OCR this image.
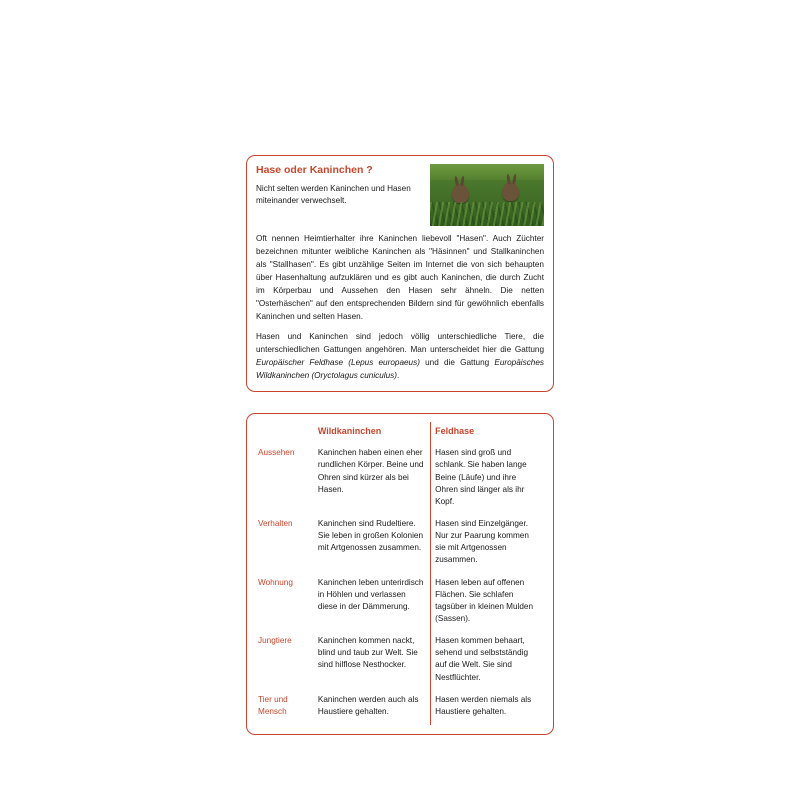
Hase oder Kaninchen ?

Nicht selten werden Kaninchen und Hasen miteinander verwechselt.

Oft nennen Heimtierhalter ihre Kaninchen liebevoll "Hasen". Auch Züchter bezeichnen mitunter weibliche Kaninchen als "Häsinnen" und Stallkaninchen als "Stallhasen". Es gibt unzählige Seiten im Internet die von sich behaupten über Hasenhaltung aufzuklären und es gibt auch Kaninchen, die durch Zucht im Körperbau und Aussehen den Hasen sehr ähneln. Die netten "Osterhäschen" auf den entsprechenden Bildern sind für gewöhnlich ebenfalls Kaninchen und selten Hasen.

Hasen und Kaninchen sind jedoch völlig unterschiedliche Tiere, die unterschiedlichen Gattungen angehören. Man unterscheidet hier die Gattung Europäischer Feldhase (Lepus europaeus) und die Gattung Europäisches Wildkaninchen (Oryctolagus cuniculus).

	Wildkaninchen	Feldhase
Aussehen	Kaninchen haben einen eher rundlichen Körper. Beine und Ohren sind kürzer als bei Hasen.	Hasen sind groß und schlank. Sie haben lange Beine (Läufe) und ihre Ohren sind länger als ihr Kopf.
Verhalten	Kaninchen sind Rudeltiere. Sie leben in großen Kolonien mit Artgenossen zusammen.	Hasen sind Einzelgänger. Nur zur Paarung kommen sie mit Artgenossen zusammen.
Wohnung	Kaninchen leben unterirdisch in Höhlen und verlassen diese in der Dämmerung.	Hasen leben auf offenen Flächen. Sie schlafen tagsüber in kleinen Mulden (Sassen).
Jungtiere	Kaninchen kommen nackt, blind und taub zur Welt. Sie sind hilflose Nesthocker.	Hasen kommen behaart, sehend und selbstständig auf die Welt. Sie sind Nestflüchter.
Tier und Mensch	Kaninchen werden auch als Haustiere gehalten.	Hasen werden niemals als Haustiere gehalten.
